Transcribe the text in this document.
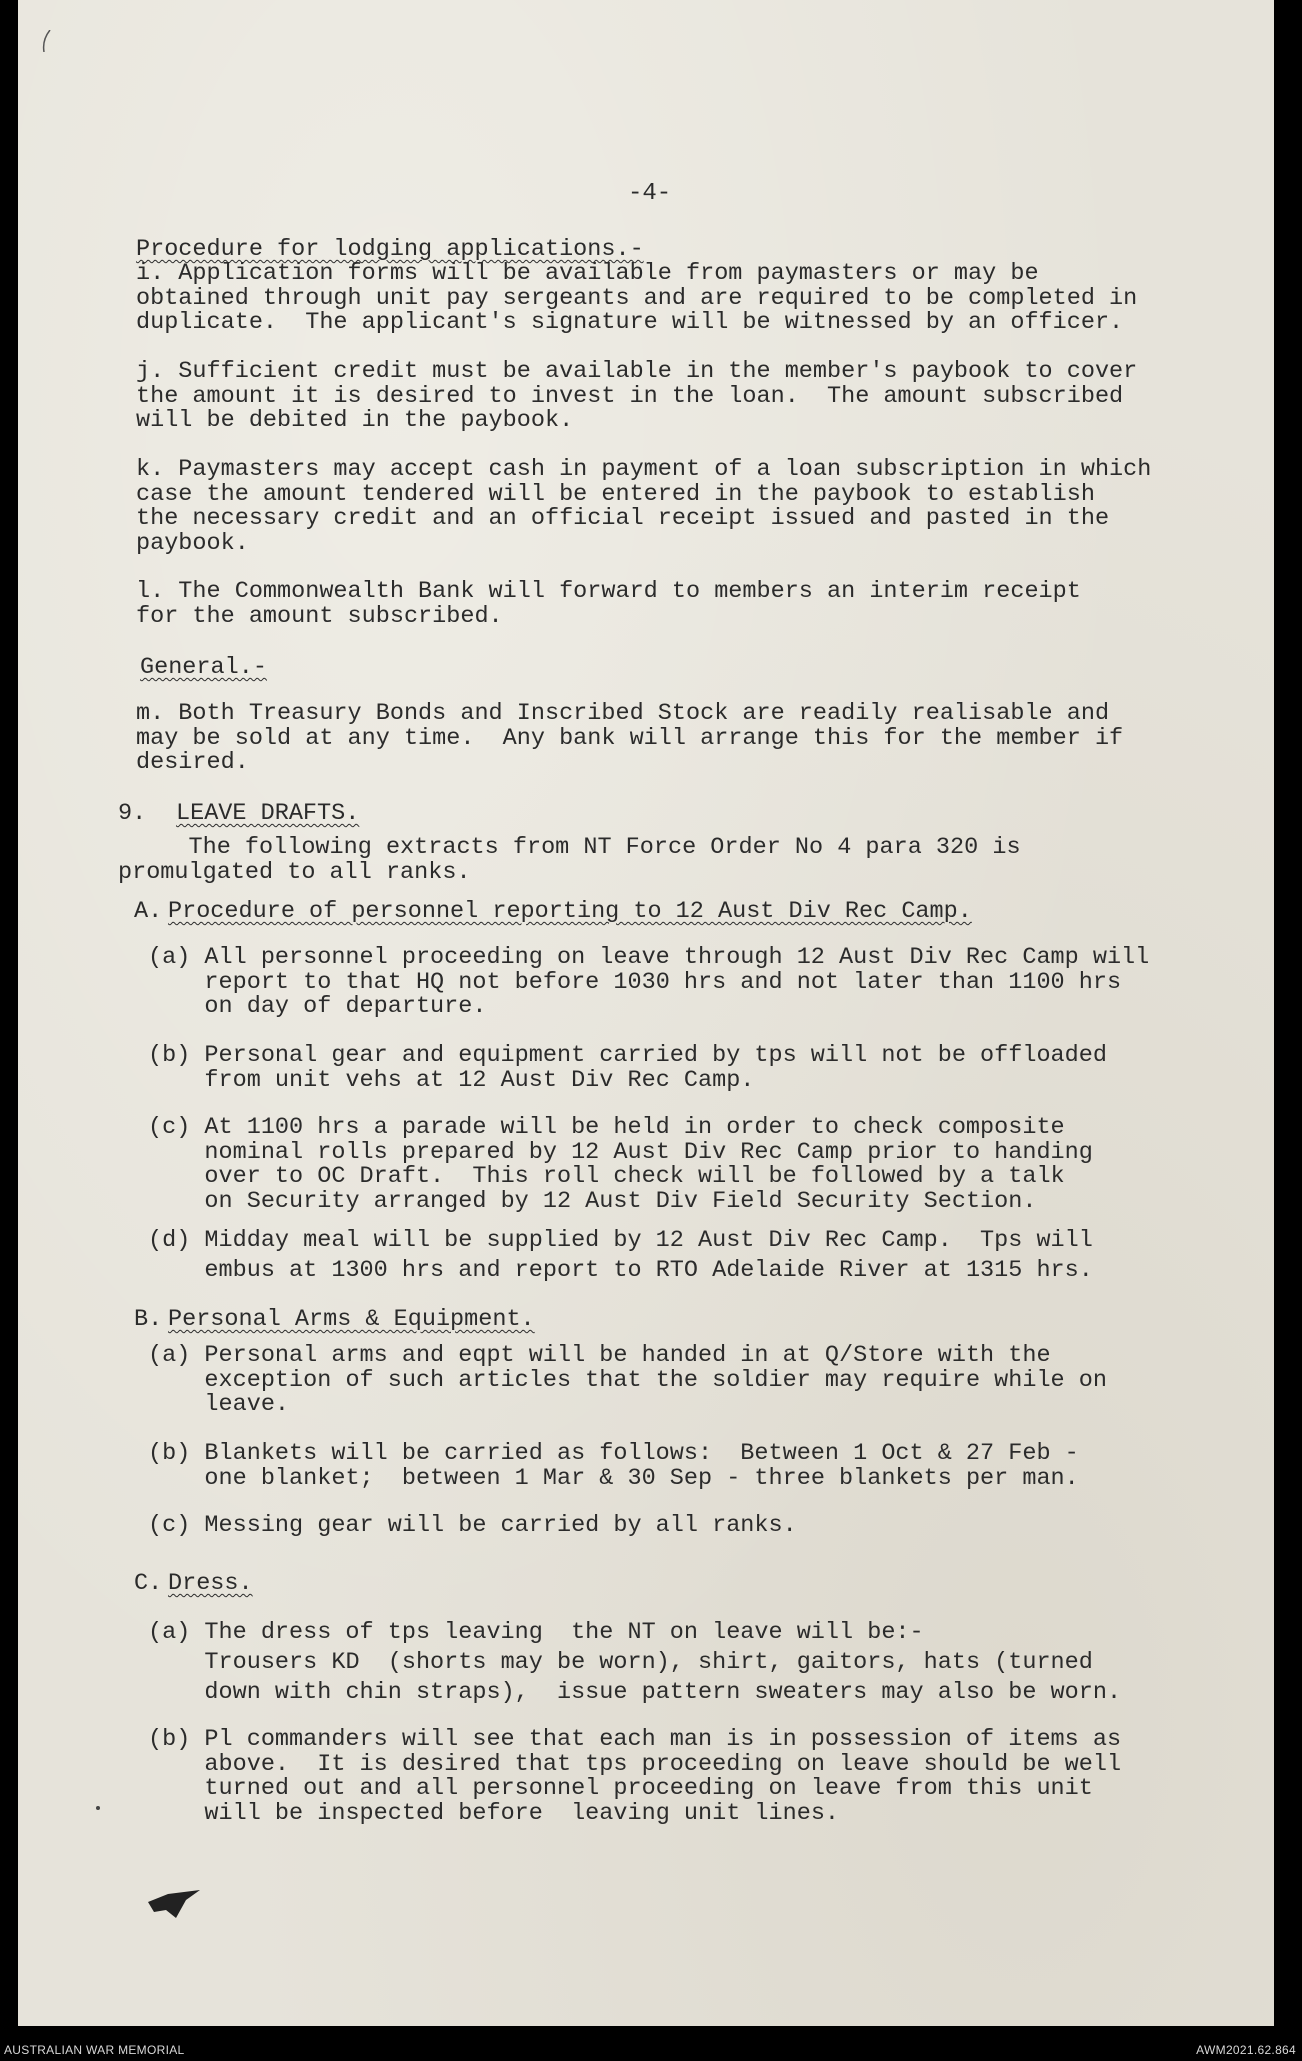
-4-
Procedure for lodging applications.-
i. Application forms will be available from paymasters or may be
obtained through unit pay sergeants and are required to be completed in
duplicate.  The applicant's signature will be witnessed by an officer.
j. Sufficient credit must be available in the member's paybook to cover
the amount it is desired to invest in the loan.  The amount subscribed
will be debited in the paybook.
k. Paymasters may accept cash in payment of a loan subscription in which
case the amount tendered will be entered in the paybook to establish
the necessary credit and an official receipt issued and pasted in the
paybook.
l. The Commonwealth Bank will forward to members an interim receipt
for the amount subscribed.
General.-
m. Both Treasury Bonds and Inscribed Stock are readily realisable and
may be sold at any time.  Any bank will arrange this for the member if
desired.
9. LEAVE DRAFTS.
The following extracts from NT Force Order No 4 para 320 is
promulgated to all ranks.
A. Procedure of personnel reporting to 12 Aust Div Rec Camp.
(a) All personnel proceeding on leave through 12 Aust Div Rec Camp will
report to that HQ not before 1030 hrs and not later than 1100 hrs
on day of departure.
(b) Personal gear and equipment carried by tps will not be offloaded
from unit vehs at 12 Aust Div Rec Camp.
(c) At 1100 hrs a parade will be held in order to check composite
nominal rolls prepared by 12 Aust Div Rec Camp prior to handing
over to OC Draft.  This roll check will be followed by a talk
on Security arranged by 12 Aust Div Field Security Section.
(d) Midday meal will be supplied by 12 Aust Div Rec Camp.  Tps will
embus at 1300 hrs and report to RTO Adelaide River at 1315 hrs.
B. Personal Arms & Equipment.
(a) Personal arms and eqpt will be handed in at Q/Store with the
exception of such articles that the soldier may require while on
leave.
(b) Blankets will be carried as follows:  Between 1 Oct & 27 Feb -
one blanket;  between 1 Mar & 30 Sep - three blankets per man.
(c) Messing gear will be carried by all ranks.
C. Dress.
(a) The dress of tps leaving  the NT on leave will be:-
Trousers KD  (shorts may be worn), shirt, gaitors, hats (turned
down with chin straps),  issue pattern sweaters may also be worn.
(b) Pl commanders will see that each man is in possession of items as
above.  It is desired that tps proceeding on leave should be well
turned out and all personnel proceeding on leave from this unit
will be inspected before  leaving unit lines.
AUSTRALIAN WAR MEMORIAL	AWM2021.62.864
